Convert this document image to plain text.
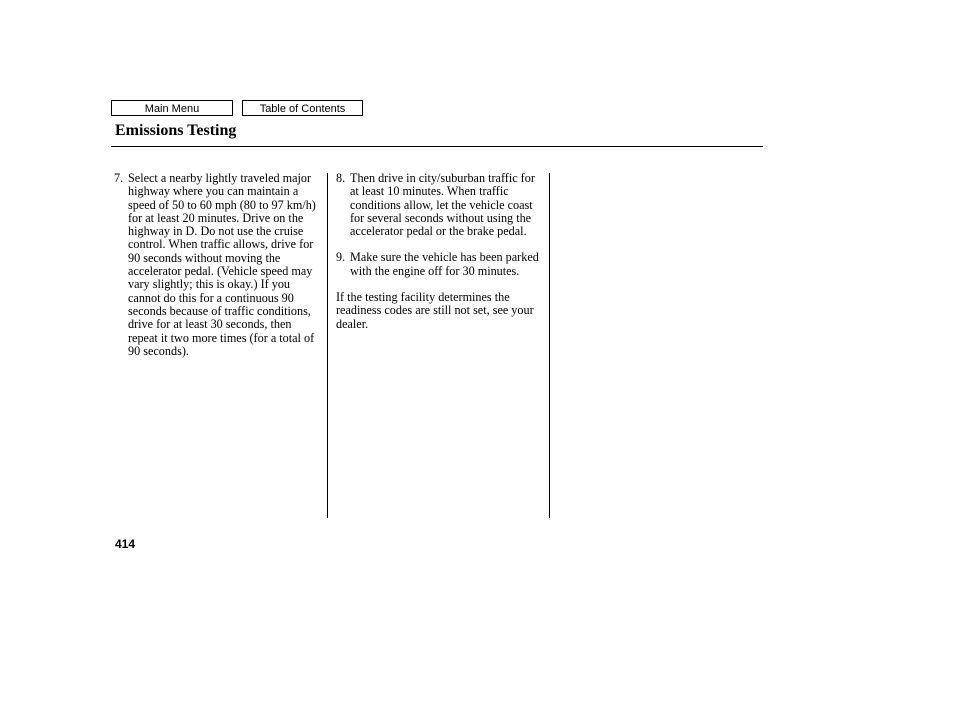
Main Menu	Table of Contents
Emissions Testing
7. Select a nearby lightly traveled major highway where you can maintain a speed of 50 to 60 mph (80 to 97 km/h) for at least 20 minutes. Drive on the highway in D. Do not use the cruise control. When traffic allows, drive for 90 seconds without moving the accelerator pedal. (Vehicle speed may vary slightly; this is okay.) If you cannot do this for a continuous 90 seconds because of traffic conditions, drive for at least 30 seconds, then repeat it two more times (for a total of 90 seconds).
8. Then drive in city/suburban traffic for at least 10 minutes. When traffic conditions allow, let the vehicle coast for several seconds without using the accelerator pedal or the brake pedal.
9. Make sure the vehicle has been parked with the engine off for 30 minutes.
If the testing facility determines the readiness codes are still not set, see your dealer.
414
